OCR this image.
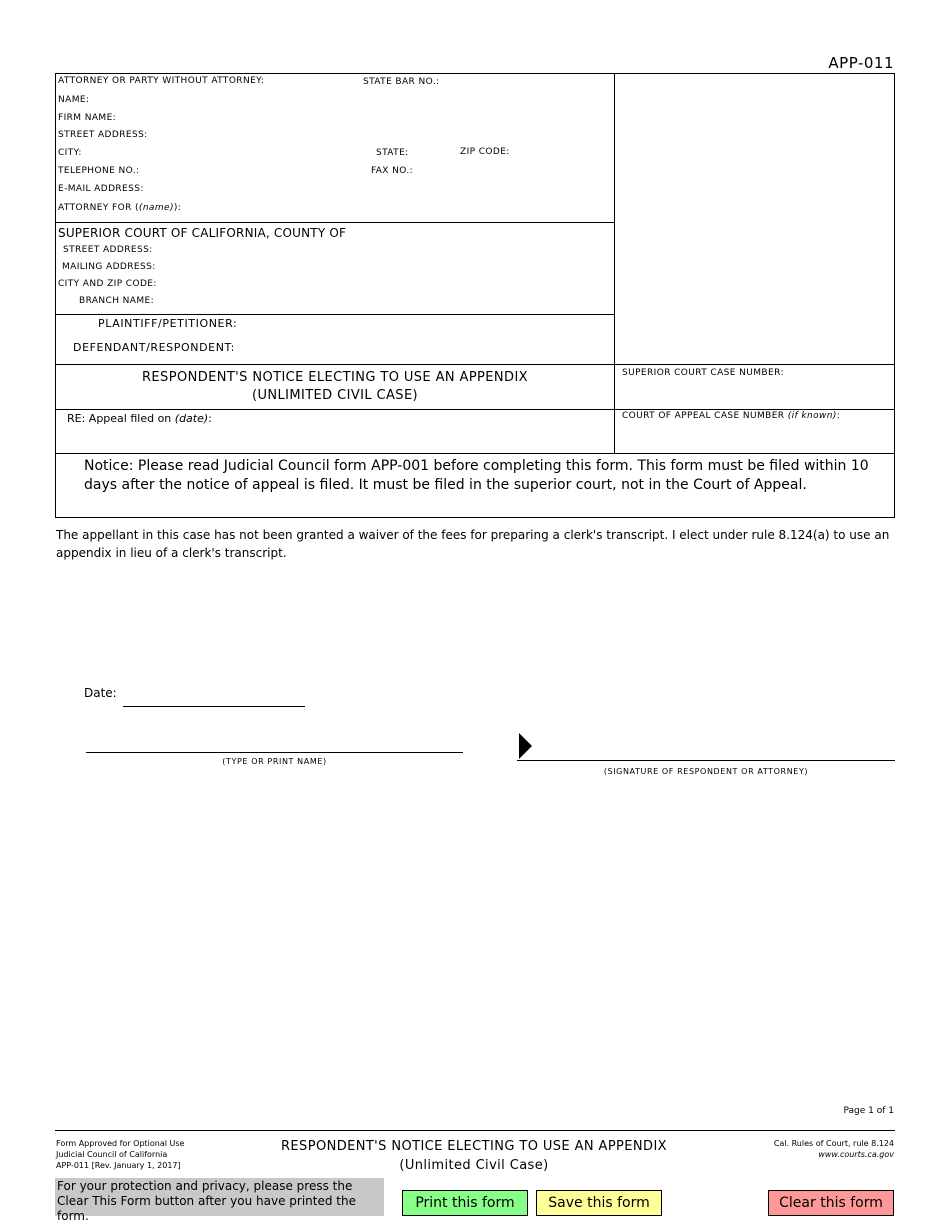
APP-011
ATTORNEY OR PARTY WITHOUT ATTORNEY:	STATE BAR NO.:
NAME:
FIRM NAME:
STREET ADDRESS:
CITY:	STATE:	ZIP CODE:
TELEPHONE NO.:	FAX NO.:
E-MAIL ADDRESS:
ATTORNEY FOR ((name)):
SUPERIOR COURT OF CALIFORNIA, COUNTY OF
STREET ADDRESS:
MAILING ADDRESS:
CITY AND ZIP CODE:
BRANCH NAME:
PLAINTIFF/PETITIONER:
DEFENDANT/RESPONDENT:
RESPONDENT'S NOTICE ELECTING TO USE AN APPENDIX
(UNLIMITED CIVIL CASE)
SUPERIOR COURT CASE NUMBER:
COURT OF APPEAL CASE NUMBER (if known):
RE: Appeal filed on (date):
Notice: Please read Judicial Council form APP-001 before completing this form. This form must be filed within 10 days after the notice of appeal is filed. It must be filed in the superior court, not in the Court of Appeal.
The appellant in this case has not been granted a waiver of the fees for preparing a clerk's transcript. I elect under rule 8.124(a) to use an appendix in lieu of a clerk's transcript.
Date:
(TYPE OR PRINT NAME)
(SIGNATURE OF RESPONDENT OR ATTORNEY)
Page 1 of 1
Form Approved for Optional Use
Judicial Council of California
APP-011 [Rev. January 1, 2017]
RESPONDENT'S NOTICE ELECTING TO USE AN APPENDIX
(Unlimited Civil Case)
Cal. Rules of Court, rule 8.124
www.courts.ca.gov
For your protection and privacy, please press the Clear This Form button after you have printed the form.
Print this form	Save this form	Clear this form
